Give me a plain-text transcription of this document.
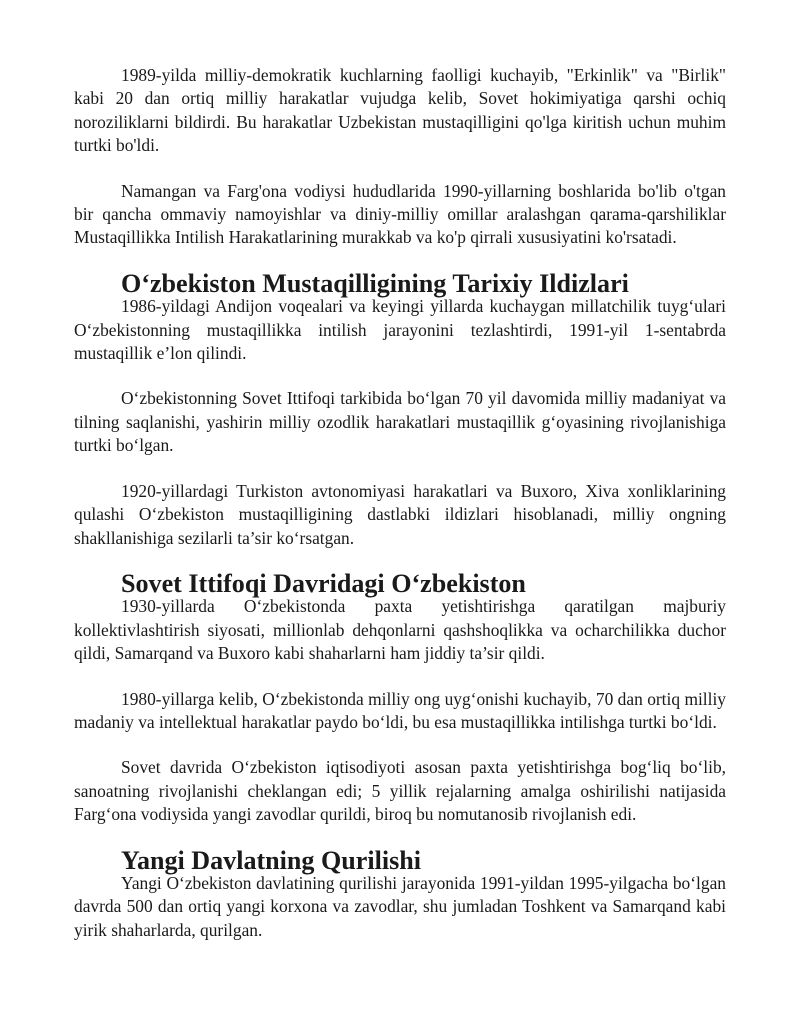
1989-yilda milliy-demokratik kuchlarning faolligi kuchayib, "Erkinlik" va "Birlik" kabi 20 dan ortiq milliy harakatlar vujudga kelib, Sovet hokimiyatiga qarshi ochiq noroziliklarni bildirdi. Bu harakatlar Uzbekistan mustaqilligini qo'lga kiritish uchun muhim turtki bo'ldi.

Namangan va Farg'ona vodiysi hududlarida 1990-yillarning boshlarida bo'lib o'tgan bir qancha ommaviy namoyishlar va diniy-milliy omillar aralashgan qarama-qarshiliklar Mustaqillikka Intilish Harakatlarining murakkab va ko'p qirrali xususiyatini ko'rsatadi.

O‘zbekiston Mustaqilligining Tarixiy Ildizlari

1986-yildagi Andijon voqealari va keyingi yillarda kuchaygan millatchilik tuyg‘ulari O‘zbekistonning mustaqillikka intilish jarayonini tezlashtirdi, 1991-yil 1-sentabrda mustaqillik e’lon qilindi.

O‘zbekistonning Sovet Ittifoqi tarkibida bo‘lgan 70 yil davomida milliy madaniyat va tilning saqlanishi, yashirin milliy ozodlik harakatlari mustaqillik g‘oyasining rivojlanishiga turtki bo‘lgan.

1920-yillardagi Turkiston avtonomiyasi harakatlari va Buxoro, Xiva xonliklarining qulashi O‘zbekiston mustaqilligining dastlabki ildizlari hisoblanadi, milliy ongning shakllanishiga sezilarli ta’sir ko‘rsatgan.

Sovet Ittifoqi Davridagi O‘zbekiston

1930-yillarda O‘zbekistonda paxta yetishtirishga qaratilgan majburiy kollektivlashtirish siyosati, millionlab dehqonlarni qashshoqlikka va ocharchilikka duchor qildi, Samarqand va Buxoro kabi shaharlarni ham jiddiy ta’sir qildi.

1980-yillarga kelib, O‘zbekistonda milliy ong uyg‘onishi kuchayib, 70 dan ortiq milliy madaniy va intellektual harakatlar paydo bo‘ldi, bu esa mustaqillikka intilishga turtki bo‘ldi.

Sovet davrida O‘zbekiston iqtisodiyoti asosan paxta yetishtirishga bog‘liq bo‘lib, sanoatning rivojlanishi cheklangan edi; 5 yillik rejalarning amalga oshirilishi natijasida Farg‘ona vodiysida yangi zavodlar qurildi, biroq bu nomutanosib rivojlanish edi.

Yangi Davlatning Qurilishi

Yangi O‘zbekiston davlatining qurilishi jarayonida 1991-yildan 1995-yilgacha bo‘lgan davrda 500 dan ortiq yangi korxona va zavodlar, shu jumladan Toshkent va Samarqand kabi yirik shaharlarda, qurilgan.
